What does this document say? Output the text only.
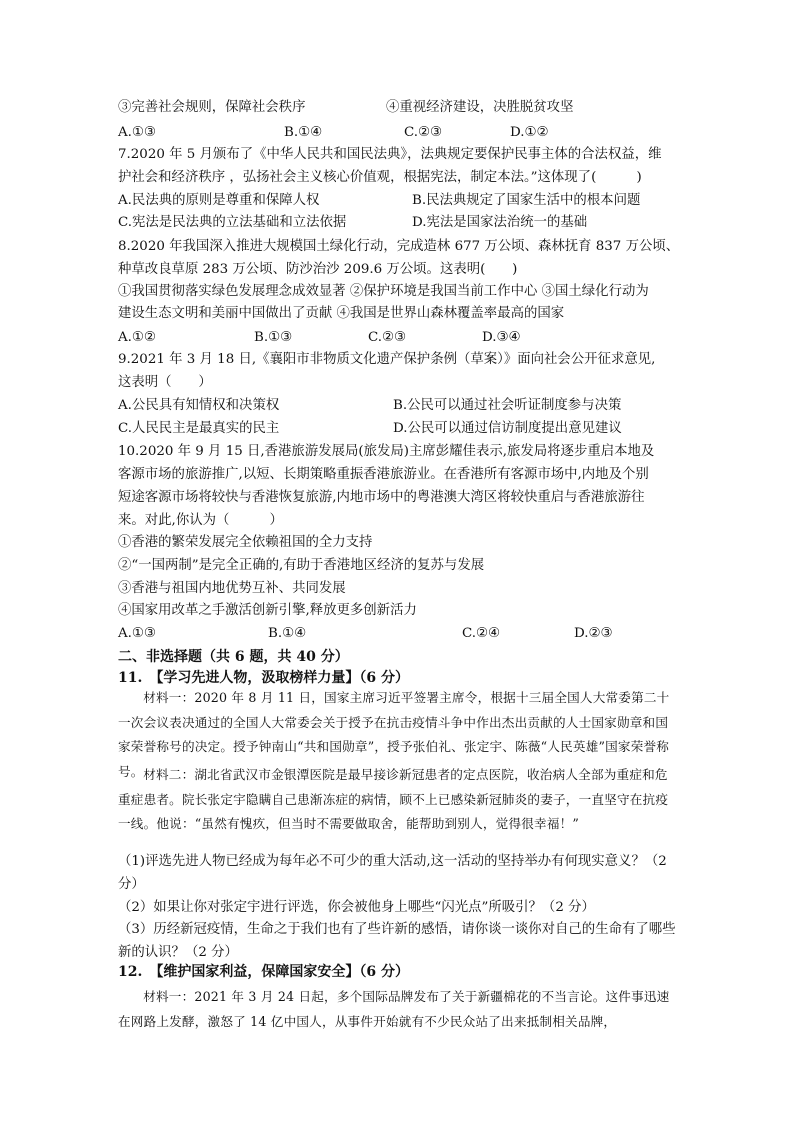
③完善社会规则，保障社会秩序	④重视经济建设，决胜脱贫攻坚
A.①③	B.①④	C.②③	D.①②
7.2020 年 5 月颁布了《中华人民共和国民法典》，法典规定要保护民事主体的合法权益，维
护社会和经济秩序 ，弘扬社会主义核心价值观，根据宪法，制定本法。”这体现了(　　　)
A.民法典的原则是尊重和保障人权	B.民法典规定了国家生活中的根本问题
C.宪法是民法典的立法基础和立法依据	D.宪法是国家法治统一的基础
8.2020 年我国深入推进大规模国土绿化行动，完成造林 677 万公顷、森林抚育 837 万公顷、
种草改良草原 283 万公顷、防沙治沙 209.6 万公顷。这表明(　　)
①我国贯彻落实绿色发展理念成效显著 ②保护环境是我国当前工作中心 ③国土绿化行动为
建设生态文明和美丽中国做出了贡献 ④我国是世界山森林覆盖率最高的国家
A.①②	B.①③	C.②③	D.③④
9.2021 年 3 月 18 日,《襄阳市非物质文化遗产保护条例（草案）》面向社会公开征求意见,
这表明（　　）
A.公民具有知情权和决策权	B.公民可以通过社会听证制度参与决策
C.人民民主是最真实的民主	D.公民可以通过信访制度提出意见建议
10.2020 年 9 月 15 日,香港旅游发展局(旅发局)主席彭耀佳表示,旅发局将逐步重启本地及
客源市场的旅游推广,以短、长期策略重振香港旅游业。在香港所有客源市场中,内地及个别
短途客源市场将较快与香港恢复旅游,内地市场中的粤港澳大湾区将较快重启与香港旅游往
来。对此,你认为（　　　）
①香港的繁荣发展完全依赖祖国的全力支持
②“一国两制”是完全正确的,有助于香港地区经济的复苏与发展
③香港与祖国内地优势互补、共同发展
④国家用改革之手激活创新引擎,释放更多创新活力
A.①③	B.①④	C.②④	D.②③
二、非选择题（共 6 题，共 40 分）
11.　【学习先进人物，汲取榜样力量】（6 分）
材料一：2020 年 8 月 11 日，国家主席习近平签署主席令，根据十三届全国人大常委第二十一次会议表决通过的全国人大常委会关于授予在抗击疫情斗争中作出杰出贡献的人士国家勋章和国家荣誉称号的决定。授予钟南山“共和国勋章”，授予张伯礼、张定宇、陈薇“人民英雄”国家荣誉称号。 材料二：湖北省武汉市金银潭医院是最早接诊新冠患者的定点医院，收治病人全部为重症和危重症患者。院长张定宇隐瞒自己患渐冻症的病情，顾不上已感染新冠肺炎的妻子，一直坚守在抗疫一线。他说：“虽然有愧疚，但当时不需要做取舍，能帮助到别人，觉得很幸福！”
（1)评选先进人物已经成为每年必不可少的重大活动,这一活动的坚持举办有何现实意义？（2 分）
（2）如果让你对张定宇进行评选，你会被他身上哪些“闪光点”所吸引？（2 分）
（3）历经新冠疫情，生命之于我们也有了些许新的感悟，请你谈一谈你对自己的生命有了哪些新的认识？（2 分）
12.　【维护国家利益，保障国家安全】（6 分）
材料一：2021 年 3 月 24 日起，多个国际品牌发布了关于新疆棉花的不当言论。这件事迅速在网路上发酵，激怒了 14 亿中国人，从事件开始就有不少民众站了出来抵制相关品牌，
